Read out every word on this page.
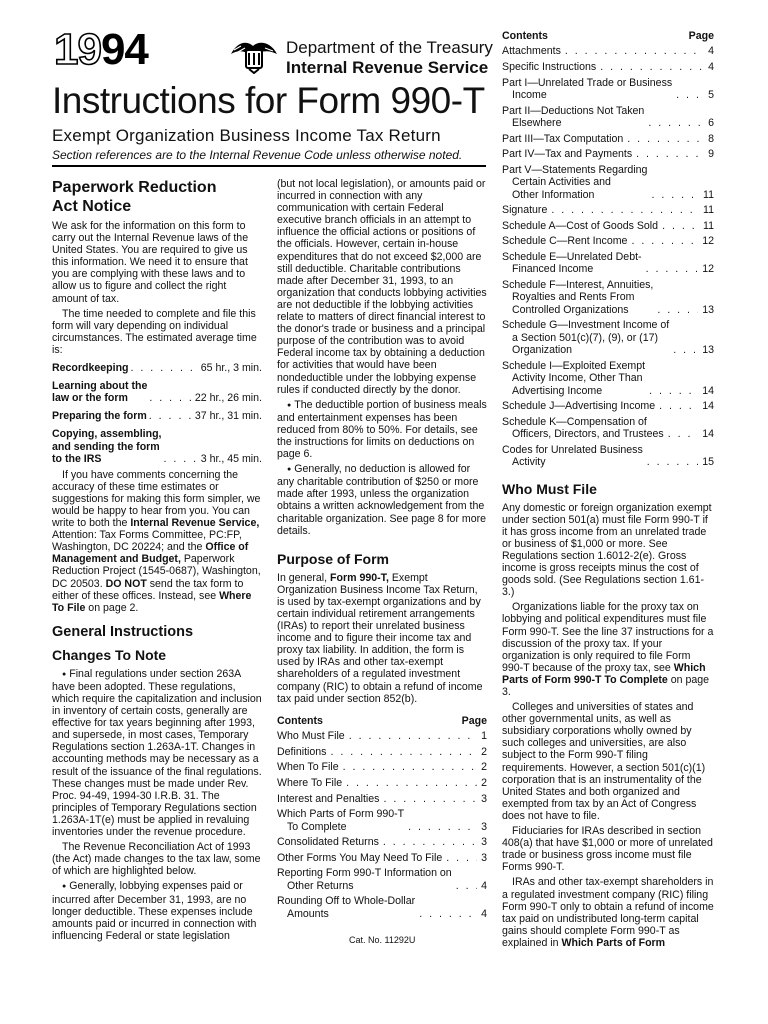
1994	Department of the Treasury
Internal Revenue Service
Instructions for Form 990-T
Exempt Organization Business Income Tax Return
Section references are to the Internal Revenue Code unless otherwise noted.
Paperwork Reduction
Act Notice

We ask for the information on this form to carry out the Internal Revenue laws of the United States. You are required to give us this information. We need it to ensure that you are complying with these laws and to allow us to figure and collect the right amount of tax.

The time needed to complete and file this form will vary depending on individual circumstances. The estimated average time is:

Recordkeeping . . .	65 hr., 3 min.
Learning about the
law or the form . . .	22 hr., 26 min.
Preparing the form . . .	37 hr., 31 min.
Copying, assembling,
and sending the form
to the IRS . . .	3 hr., 45 min.

If you have comments concerning the accuracy of these time estimates or suggestions for making this form simpler, we would be happy to hear from you. You can write to both the Internal Revenue Service, Attention: Tax Forms Committee, PC:FP, Washington, DC 20224; and the Office of Management and Budget, Paperwork Reduction Project (1545-0687), Washington, DC 20503. DO NOT send the tax form to either of these offices. Instead, see Where To File on page 2.

General Instructions
Changes To Note

● Final regulations under section 263A have been adopted. These regulations, which require the capitalization and inclusion in inventory of certain costs, generally are effective for tax years beginning after 1993, and supersede, in most cases, Temporary Regulations section 1.263A-1T. Changes in accounting methods may be necessary as a result of the issuance of the final regulations. These changes must be made under Rev. Proc. 94-49, 1994-30 I.R.B. 31. The principles of Temporary Regulations section 1.263A-1T(e) must be applied in revaluing inventories under the revenue procedure.

The Revenue Reconciliation Act of 1993 (the Act) made changes to the tax law, some of which are highlighted below.

● Generally, lobbying expenses paid or incurred after December 31, 1993, are no longer deductible. These expenses include amounts paid or incurred in connection with influencing Federal or state legislation

(but not local legislation), or amounts paid or incurred in connection with any communication with certain Federal executive branch officials in an attempt to influence the official actions or positions of the officials. However, certain in-house expenditures that do not exceed $2,000 are still deductible. Charitable contributions made after December 31, 1993, to an organization that conducts lobbying activities are not deductible if the lobbying activities relate to matters of direct financial interest to the donor's trade or business and a principal purpose of the contribution was to avoid Federal income tax by obtaining a deduction for activities that would have been nondeductible under the lobbying expense rules if conducted directly by the donor.

● The deductible portion of business meals and entertainment expenses has been reduced from 80% to 50%. For details, see the instructions for limits on deductions on page 6.

● Generally, no deduction is allowed for any charitable contribution of $250 or more made after 1993, unless the organization obtains a written acknowledgement from the charitable organization. See page 8 for more details.

Purpose of Form

In general, Form 990-T, Exempt Organization Business Income Tax Return, is used by tax-exempt organizations and by certain individual retirement arrangements (IRAs) to report their unrelated business income and to figure their income tax and proxy tax liability. In addition, the form is used by IRAs and other tax-exempt shareholders of a regulated investment company (RIC) to obtain a refund of income tax paid under section 852(b).

Contents	Page
Who Must File . . .	1
Definitions . . .	2
When To File . . .	2
Where To File . . .	2
Interest and Penalties . . .	3
Which Parts of Form 990-T
To Complete . . .	3
Consolidated Returns . . .	3
Other Forms You May Need To File . . .	3
Reporting Form 990-T Information on
Other Returns . . .	4
Rounding Off to Whole-Dollar
Amounts . . .	4
Contents	Page
Attachments . . .	4
Specific Instructions . . .	4
Part I—Unrelated Trade or Business
Income . . .	5
Part II—Deductions Not Taken
Elsewhere . . .	6
Part III—Tax Computation . . .	8
Part IV—Tax and Payments . . .	9
Part V—Statements Regarding
Certain Activities and
Other Information . . .	11
Signature . . .	11
Schedule A—Cost of Goods Sold . . .	11
Schedule C—Rent Income . . .	12
Schedule E—Unrelated Debt-
Financed Income . . .	12
Schedule F—Interest, Annuities,
Royalties and Rents From
Controlled Organizations . . .	13
Schedule G—Investment Income of
a Section 501(c)(7), (9), or (17)
Organization . . .	13
Schedule I—Exploited Exempt
Activity Income, Other Than
Advertising Income . . .	14
Schedule J—Advertising Income . . .	14
Schedule K—Compensation of
Officers, Directors, and Trustees . . .	14
Codes for Unrelated Business
Activity . . .	15
Who Must File

Any domestic or foreign organization exempt under section 501(a) must file Form 990-T if it has gross income from an unrelated trade or business of $1,000 or more. See Regulations section 1.6012-2(e). Gross income is gross receipts minus the cost of goods sold. (See Regulations section 1.61-3.)

Organizations liable for the proxy tax on lobbying and political expenditures must file Form 990-T. See the line 37 instructions for a discussion of the proxy tax. If your organization is only required to file Form 990-T because of the proxy tax, see Which Parts of Form 990-T To Complete on page 3.

Colleges and universities of states and other governmental units, as well as subsidiary corporations wholly owned by such colleges and universities, are also subject to the Form 990-T filing requirements. However, a section 501(c)(1) corporation that is an instrumentality of the United States and both organized and exempted from tax by an Act of Congress does not have to file.

Fiduciaries for IRAs described in section 408(a) that have $1,000 or more of unrelated trade or business gross income must file Forms 990-T.

IRAs and other tax-exempt shareholders in a regulated investment company (RIC) filing Form 990-T only to obtain a refund of income tax paid on undistributed long-term capital gains should complete Form 990-T as explained in Which Parts of Form

Cat. No. 11292U
